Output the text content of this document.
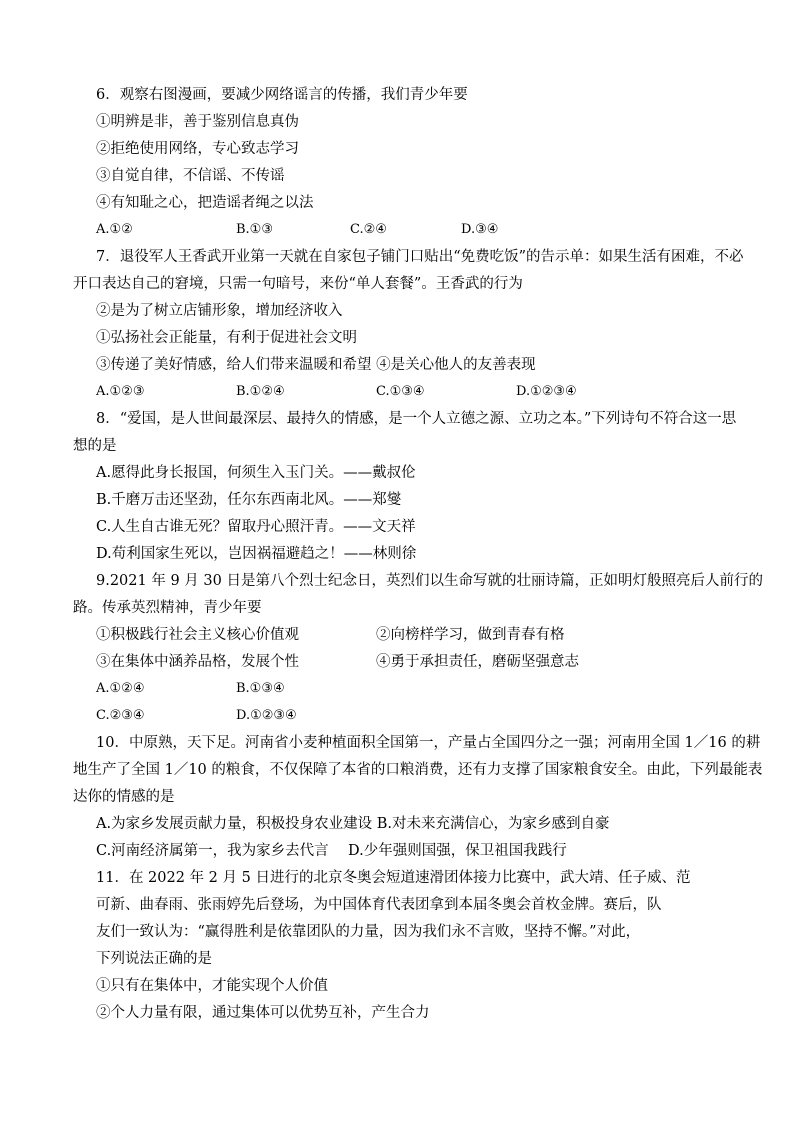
6．观察右图漫画，要减少网络谣言的传播，我们青少年要
①明辨是非，善于鉴别信息真伪
②拒绝使用网络，专心致志学习
③自觉自律，不信谣、不传谣
④有知耻之心，把造谣者绳之以法
A.①②	B.①③	C.②④	D.③④
7．退役军人王香武开业第一天就在自家包子铺门口贴出“免费吃饭”的告示单：如果生活有困难，不必
开口表达自己的窘境，只需一句暗号，来份“单人套餐”。王香武的行为
②是为了树立店铺形象，增加经济收入
①弘扬社会正能量，有利于促进社会文明
③传递了美好情感，给人们带来温暖和希望 ④是关心他人的友善表现
A.①②③	B.①②④	C.①③④	D.①②③④
8．“爱国，是人世间最深层、最持久的情感，是一个人立德之源、立功之本。”下列诗句不符合这一思
想的是
A.愿得此身长报国，何须生入玉门关。——戴叔伦
B.千磨万击还坚劲，任尔东西南北风。——郑燮
C.人生自古谁无死？留取丹心照汗青。——文天祥
D.苟利国家生死以，岂因祸福避趋之！——林则徐
9.2021 年 9 月 30 日是第八个烈士纪念日，英烈们以生命写就的壮丽诗篇，正如明灯般照亮后人前行的
路。传承英烈精神，青少年要
①积极践行社会主义核心价值观	②向榜样学习，做到青春有格
③在集体中涵养品格，发展个性	④勇于承担责任，磨砺坚强意志
A.①②④	B.①③④
C.②③④	D.①②③④
10．中原熟，天下足。河南省小麦种植面积全国第一，产量占全国四分之一强；河南用全国 1／16 的耕
地生产了全国 1／10 的粮食，不仅保障了本省的口粮消费，还有力支撑了国家粮食安全。由此，下列最能表
达你的情感的是
A.为家乡发展贡献力量，积极投身农业建设 B.对未来充满信心，为家乡感到自豪
C.河南经济属第一，我为家乡去代言 D.少年强则国强，保卫祖国我践行
11．在 2022 年 2 月 5 日进行的北京冬奥会短道速滑团体接力比赛中，武大靖、任子威、范
可新、曲春雨、张雨婷先后登场，为中国体育代表团拿到本届冬奥会首枚金牌。赛后，队
友们一致认为：“赢得胜利是依靠团队的力量，因为我们永不言败，坚持不懈。”对此，
下列说法正确的是
①只有在集体中，才能实现个人价值
②个人力量有限，通过集体可以优势互补，产生合力
